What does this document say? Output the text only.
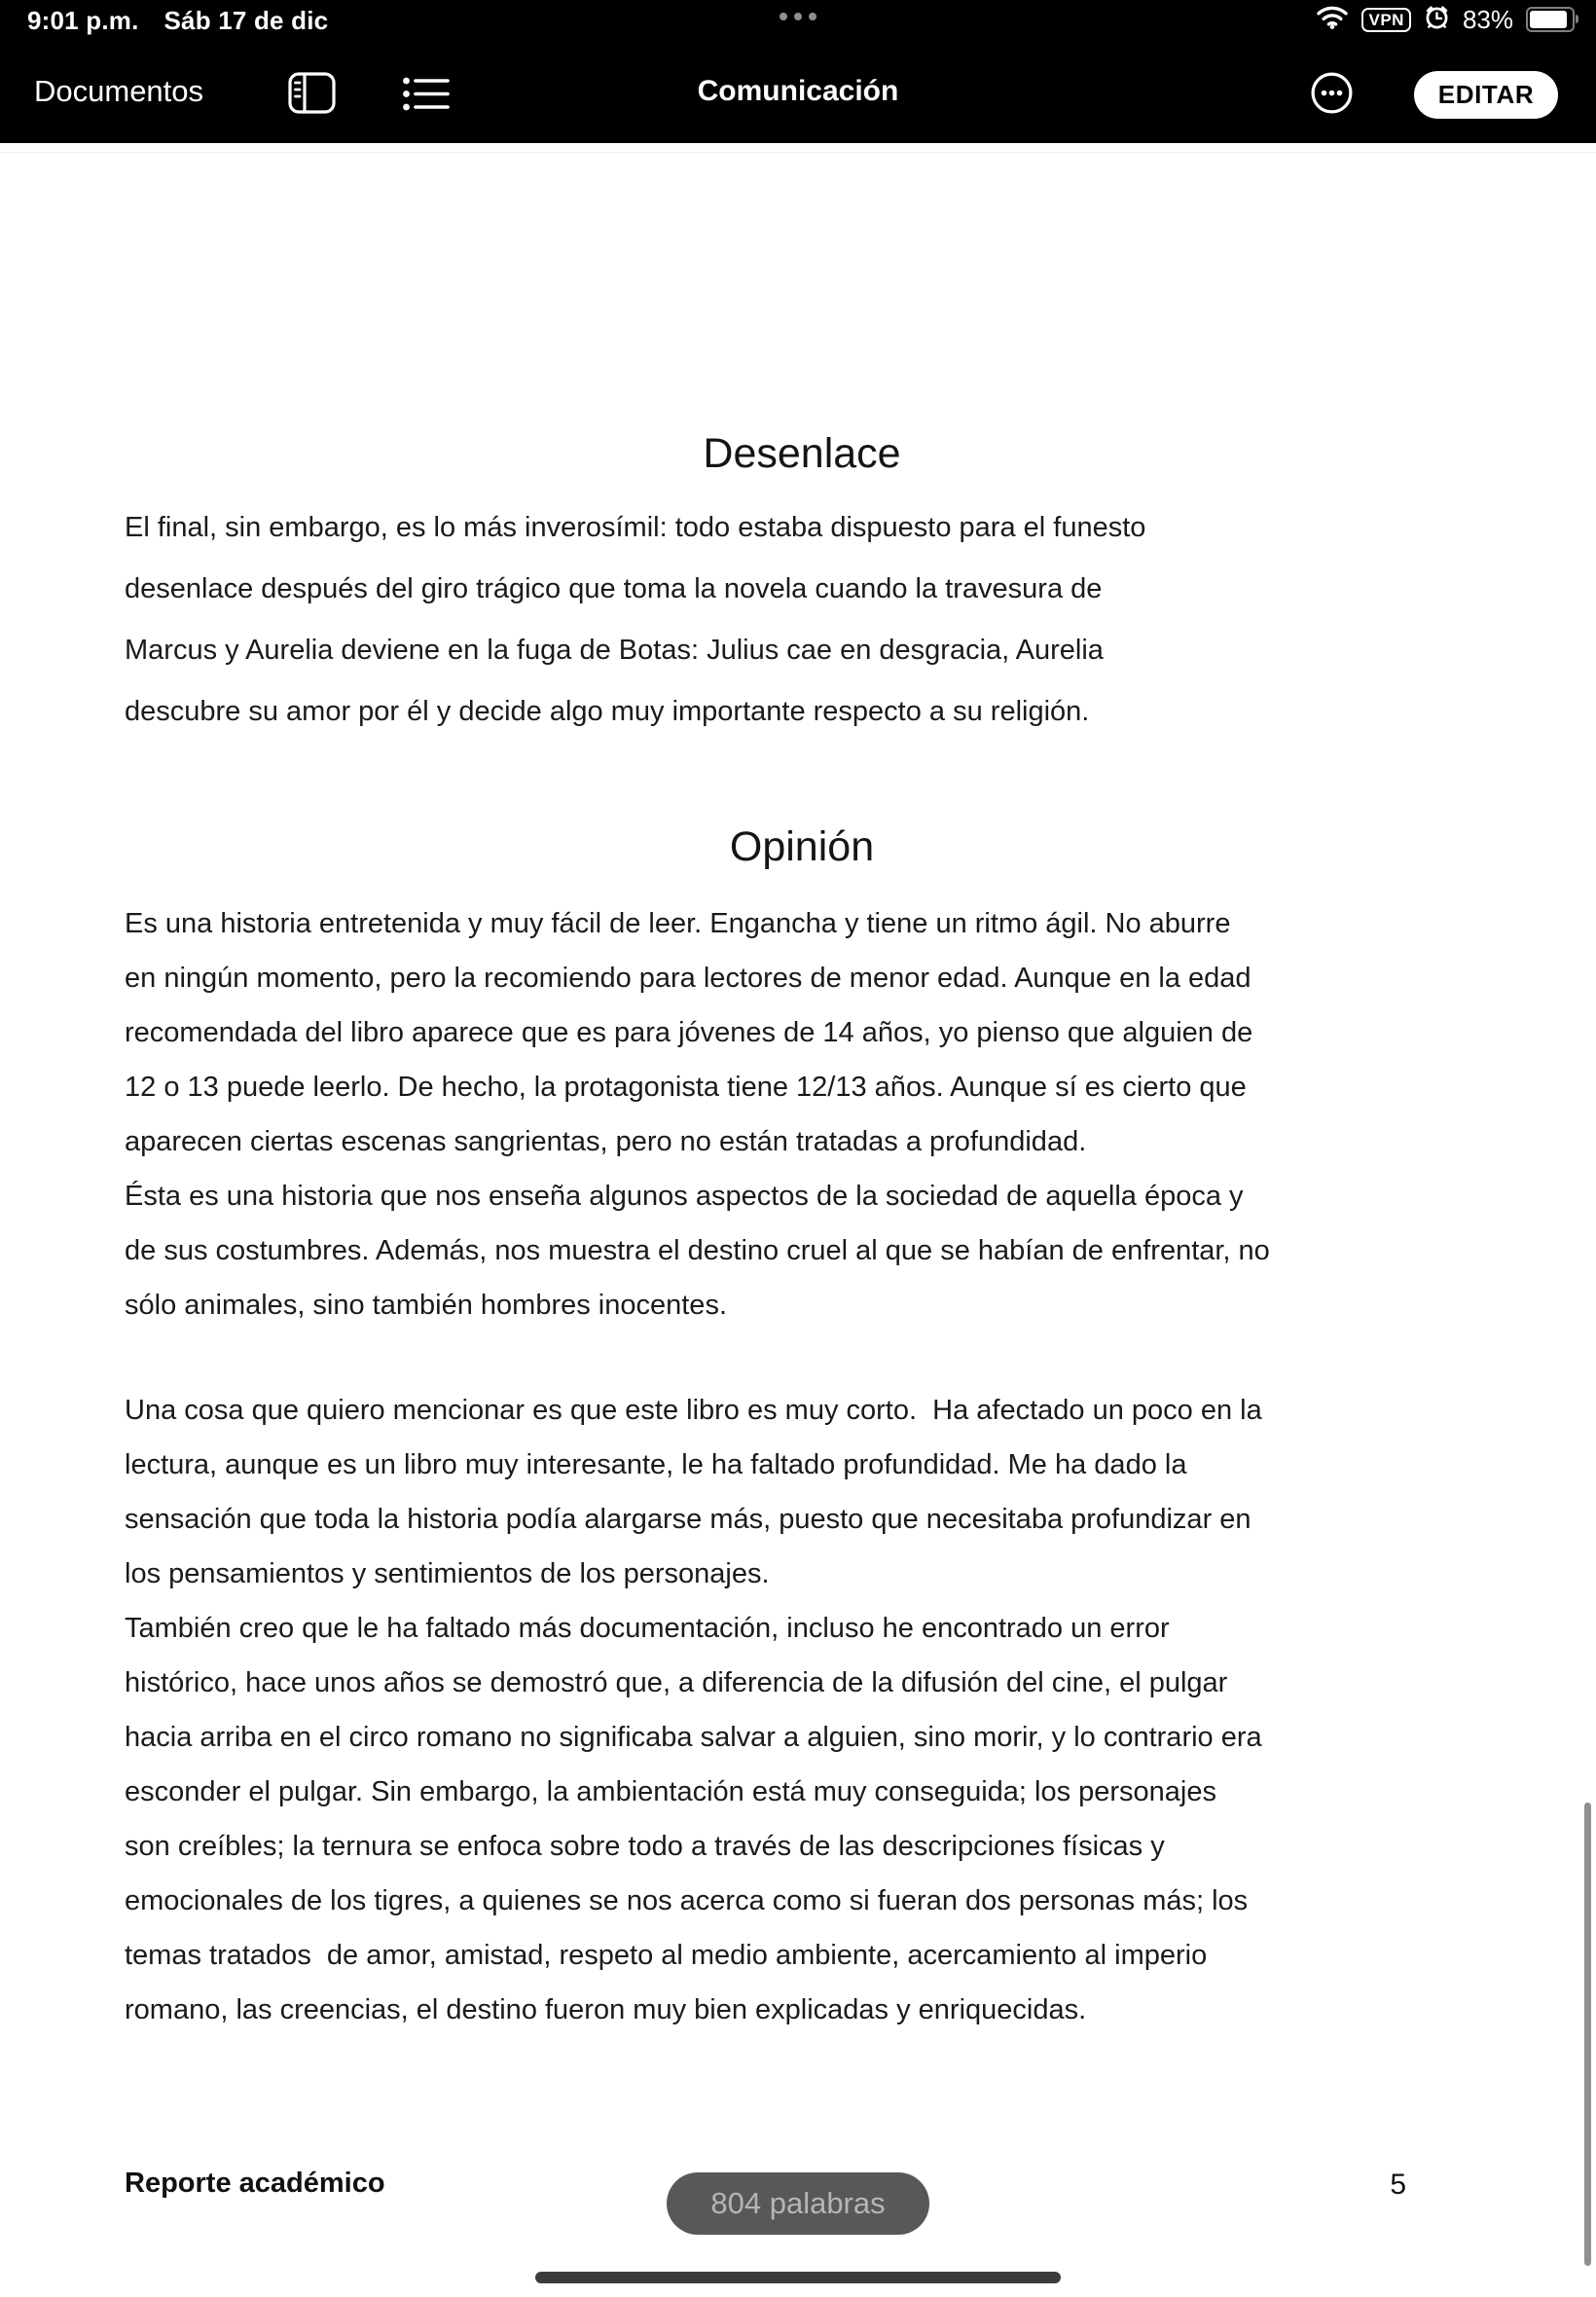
9:01 p.m. Sáb 17 de dic	VPN 83%
Documentos	Comunicación	EDITAR
Desenlace
El final, sin embargo, es lo más inverosímil: todo estaba dispuesto para el funesto
desenlace después del giro trágico que toma la novela cuando la travesura de
Marcus y Aurelia deviene en la fuga de Botas: Julius cae en desgracia, Aurelia
descubre su amor por él y decide algo muy importante respecto a su religión.
Opinión
Es una historia entretenida y muy fácil de leer. Engancha y tiene un ritmo ágil. No aburre
en ningún momento, pero la recomiendo para lectores de menor edad. Aunque en la edad
recomendada del libro aparece que es para jóvenes de 14 años, yo pienso que alguien de
12 o 13 puede leerlo. De hecho, la protagonista tiene 12/13 años. Aunque sí es cierto que
aparecen ciertas escenas sangrientas, pero no están tratadas a profundidad.
Ésta es una historia que nos enseña algunos aspectos de la sociedad de aquella época y
de sus costumbres. Además, nos muestra el destino cruel al que se habían de enfrentar, no
sólo animales, sino también hombres inocentes.
Una cosa que quiero mencionar es que este libro es muy corto.  Ha afectado un poco en la
lectura, aunque es un libro muy interesante, le ha faltado profundidad. Me ha dado la
sensación que toda la historia podía alargarse más, puesto que necesitaba profundizar en
los pensamientos y sentimientos de los personajes.
También creo que le ha faltado más documentación, incluso he encontrado un error
histórico, hace unos años se demostró que, a diferencia de la difusión del cine, el pulgar
hacia arriba en el circo romano no significaba salvar a alguien, sino morir, y lo contrario era
esconder el pulgar. Sin embargo, la ambientación está muy conseguida; los personajes
son creíbles; la ternura se enfoca sobre todo a través de las descripciones físicas y
emocionales de los tigres, a quienes se nos acerca como si fueran dos personas más; los
temas tratados  de amor, amistad, respeto al medio ambiente, acercamiento al imperio
romano, las creencias, el destino fueron muy bien explicadas y enriquecidas.
Reporte académico
804 palabras
5
